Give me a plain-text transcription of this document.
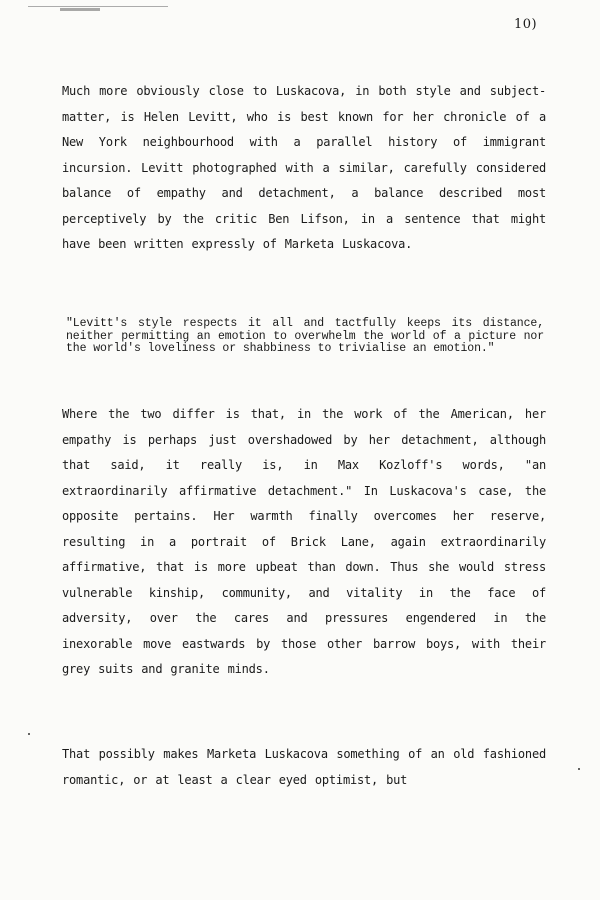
10)

Much more obviously close to Luskacova, in both style and subject-matter, is Helen Levitt, who is best known for her chronicle of a New York neighbourhood with a parallel history of immigrant incursion. Levitt photographed with a similar, carefully considered balance of empathy and detachment, a balance described most perceptively by the critic Ben Lifson, in a sentence that might have been written expressly of Marketa Luskacova.

"Levitt's style respects it all and tactfully keeps its distance, neither permitting an emotion to overwhelm the world of a picture nor the world's loveliness or shabbiness to trivialise an emotion."

Where the two differ is that, in the work of the American, her empathy is perhaps just overshadowed by her detachment, although that said, it really is, in Max Kozloff's words, "an extraordinarily affirmative detachment." In Luskacova's case, the opposite pertains. Her warmth finally overcomes her reserve, resulting in a portrait of Brick Lane, again extraordinarily affirmative, that is more upbeat than down. Thus she would stress vulnerable kinship, community, and vitality in the face of adversity, over the cares and pressures engendered in the inexorable move eastwards by those other barrow boys, with their grey suits and granite minds.

That possibly makes Marketa Luskacova something of an old fashioned romantic, or at least a clear eyed optimist, but
